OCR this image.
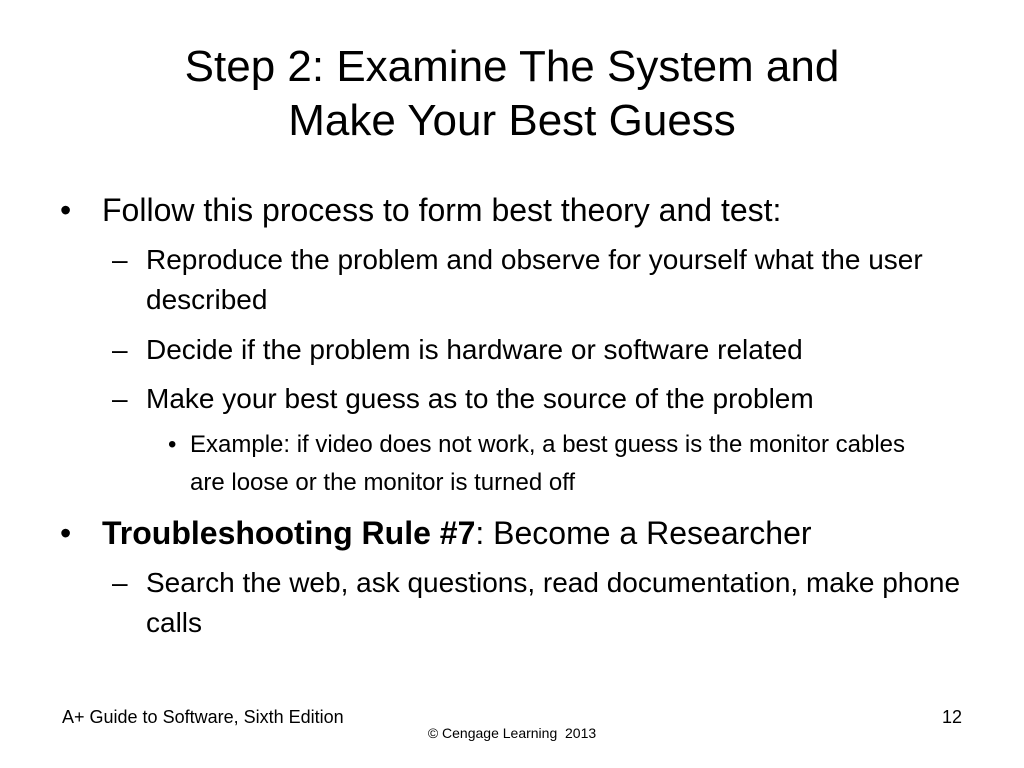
Step 2: Examine The System and
Make Your Best Guess
• Follow this process to form best theory and test:
– Reproduce the problem and observe for yourself what the user described
– Decide if the problem is hardware or software related
– Make your best guess as to the source of the problem
• Example: if video does not work, a best guess is the monitor cables are loose or the monitor is turned off
• Troubleshooting Rule #7: Become a Researcher
– Search the web, ask questions, read documentation, make phone calls
A+ Guide to Software, Sixth Edition
© Cengage Learning  2013
12
